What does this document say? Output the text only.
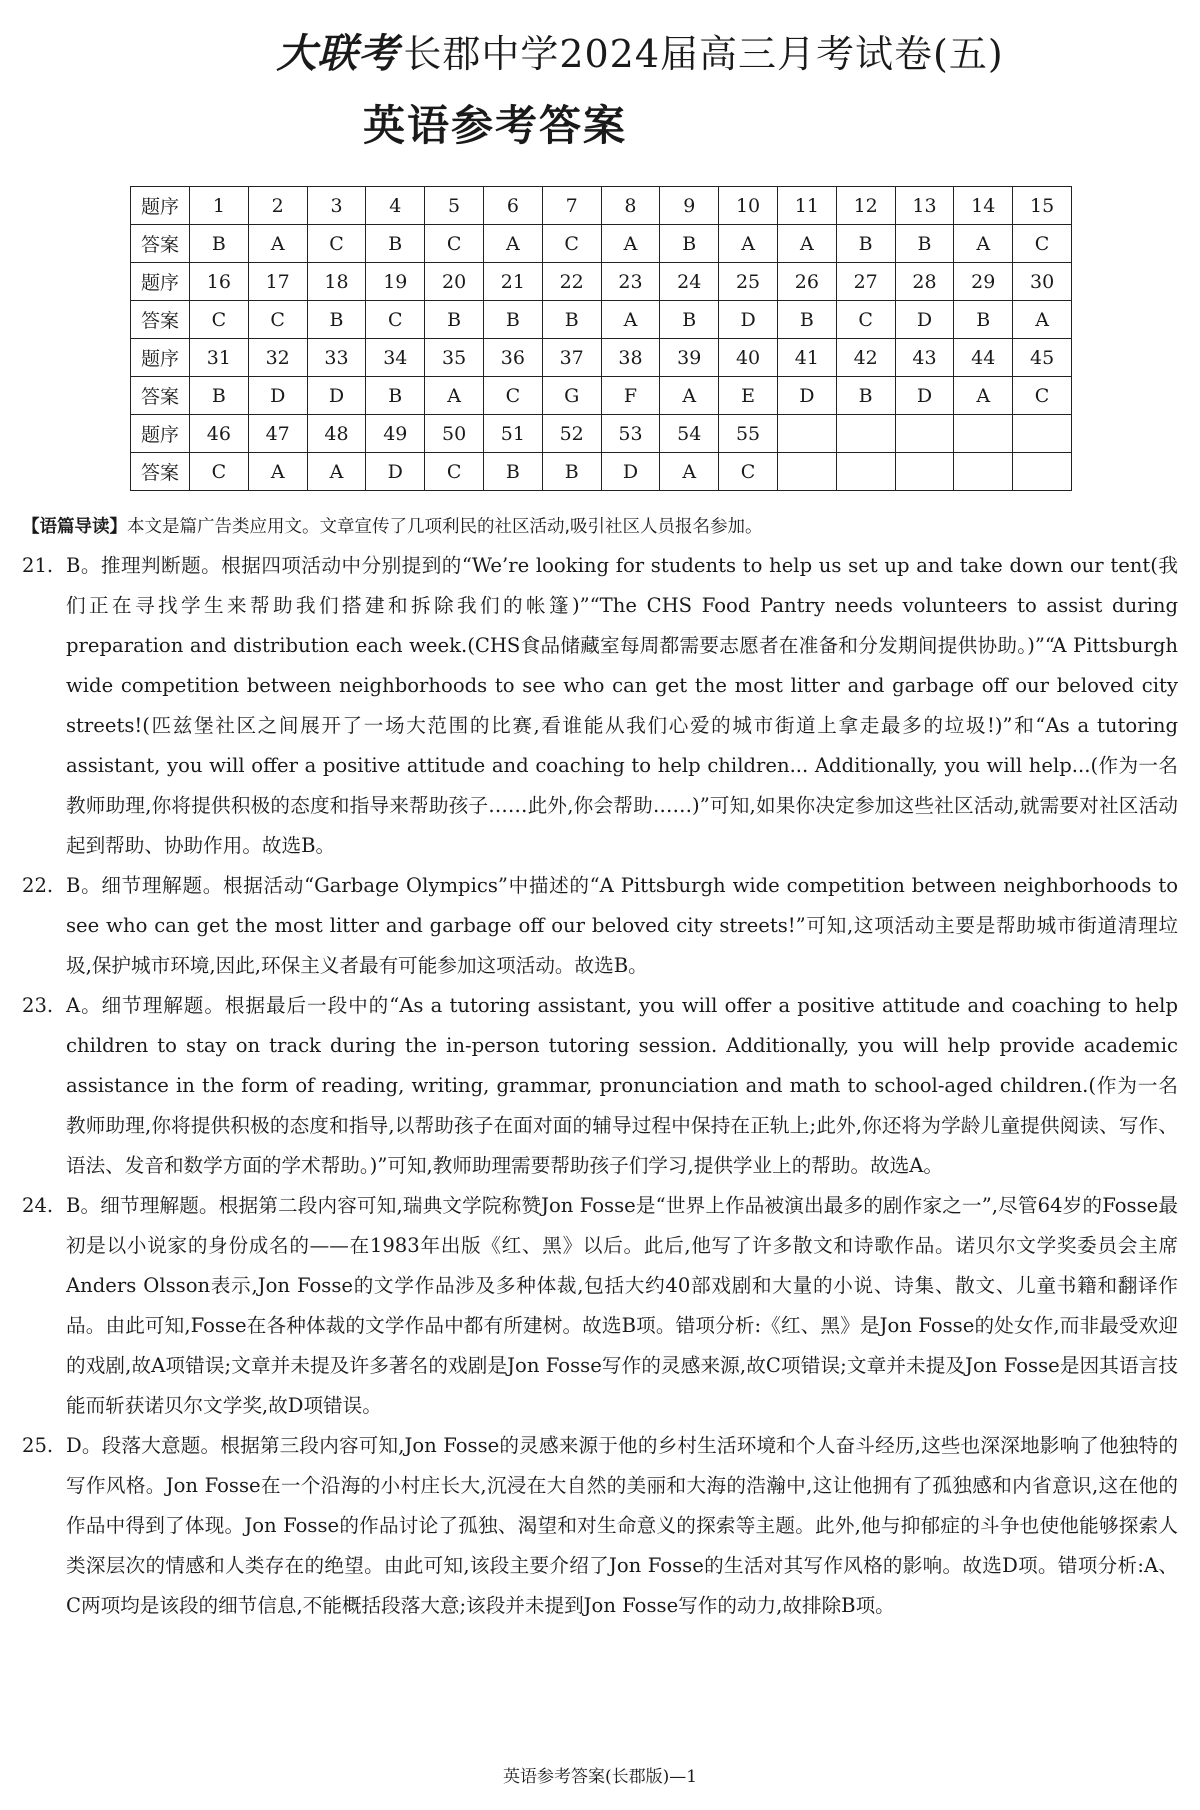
大联考 长郡中学2024届高三月考试卷(五)
英语参考答案
题序	1	2	3	4	5	6	7	8	9	10	11	12	13	14	15
答案	B	A	C	B	C	A	C	A	B	A	A	B	B	A	C
题序	16	17	18	19	20	21	22	23	24	25	26	27	28	29	30
答案	C	C	B	C	B	B	B	A	B	D	B	C	D	B	A
题序	31	32	33	34	35	36	37	38	39	40	41	42	43	44	45
答案	B	D	D	B	A	C	G	F	A	E	D	B	D	A	C
题序	46	47	48	49	50	51	52	53	54	55					
答案	C	A	A	D	C	B	B	D	A	C					
【语篇导读】本文是篇广告类应用文。文章宣传了几项利民的社区活动,吸引社区人员报名参加。
21. B。推理判断题。根据四项活动中分别提到的“We’re looking for students to help us set up and take down our tent(我们正在寻找学生来帮助我们搭建和拆除我们的帐篷)”“The CHS Food Pantry needs volunteers to assist during preparation and distribution each week.(CHS食品储藏室每周都需要志愿者在准备和分发期间提供协助。)”“A Pittsburgh wide competition between neighborhoods to see who can get the most litter and garbage off our beloved city streets!(匹兹堡社区之间展开了一场大范围的比赛,看谁能从我们心爱的城市街道上拿走最多的垃圾!)”和“As a tutoring assistant, you will offer a positive attitude and coaching to help children... Additionally, you will help...(作为一名教师助理,你将提供积极的态度和指导来帮助孩子……此外,你会帮助……)”可知,如果你决定参加这些社区活动,就需要对社区活动起到帮助、协助作用。故选B。
22. B。细节理解题。根据活动“Garbage Olympics”中描述的“A Pittsburgh wide competition between neighborhoods to see who can get the most litter and garbage off our beloved city streets!”可知,这项活动主要是帮助城市街道清理垃圾,保护城市环境,因此,环保主义者最有可能参加这项活动。故选B。
23. A。细节理解题。根据最后一段中的“As a tutoring assistant, you will offer a positive attitude and coaching to help children to stay on track during the in-person tutoring session. Additionally, you will help provide academic assistance in the form of reading, writing, grammar, pronunciation and math to school-aged children.(作为一名教师助理,你将提供积极的态度和指导,以帮助孩子在面对面的辅导过程中保持在正轨上;此外,你还将为学龄儿童提供阅读、写作、语法、发音和数学方面的学术帮助。)”可知,教师助理需要帮助孩子们学习,提供学业上的帮助。故选A。
24. B。细节理解题。根据第二段内容可知,瑞典文学院称赞Jon Fosse是“世界上作品被演出最多的剧作家之一”,尽管64岁的Fosse最初是以小说家的身份成名的——在1983年出版《红、黑》以后。此后,他写了许多散文和诗歌作品。诺贝尔文学奖委员会主席Anders Olsson表示,Jon Fosse的文学作品涉及多种体裁,包括大约40部戏剧和大量的小说、诗集、散文、儿童书籍和翻译作品。由此可知,Fosse在各种体裁的文学作品中都有所建树。故选B项。错项分析:《红、黑》是Jon Fosse的处女作,而非最受欢迎的戏剧,故A项错误;文章并未提及许多著名的戏剧是Jon Fosse写作的灵感来源,故C项错误;文章并未提及Jon Fosse是因其语言技能而斩获诺贝尔文学奖,故D项错误。
25. D。段落大意题。根据第三段内容可知,Jon Fosse的灵感来源于他的乡村生活环境和个人奋斗经历,这些也深深地影响了他独特的写作风格。Jon Fosse在一个沿海的小村庄长大,沉浸在大自然的美丽和大海的浩瀚中,这让他拥有了孤独感和内省意识,这在他的作品中得到了体现。Jon Fosse的作品讨论了孤独、渴望和对生命意义的探索等主题。此外,他与抑郁症的斗争也使他能够探索人类深层次的情感和人类存在的绝望。由此可知,该段主要介绍了Jon Fosse的生活对其写作风格的影响。故选D项。错项分析:A、C两项均是该段的细节信息,不能概括段落大意;该段并未提到Jon Fosse写作的动力,故排除B项。
英语参考答案(长郡版)—1
